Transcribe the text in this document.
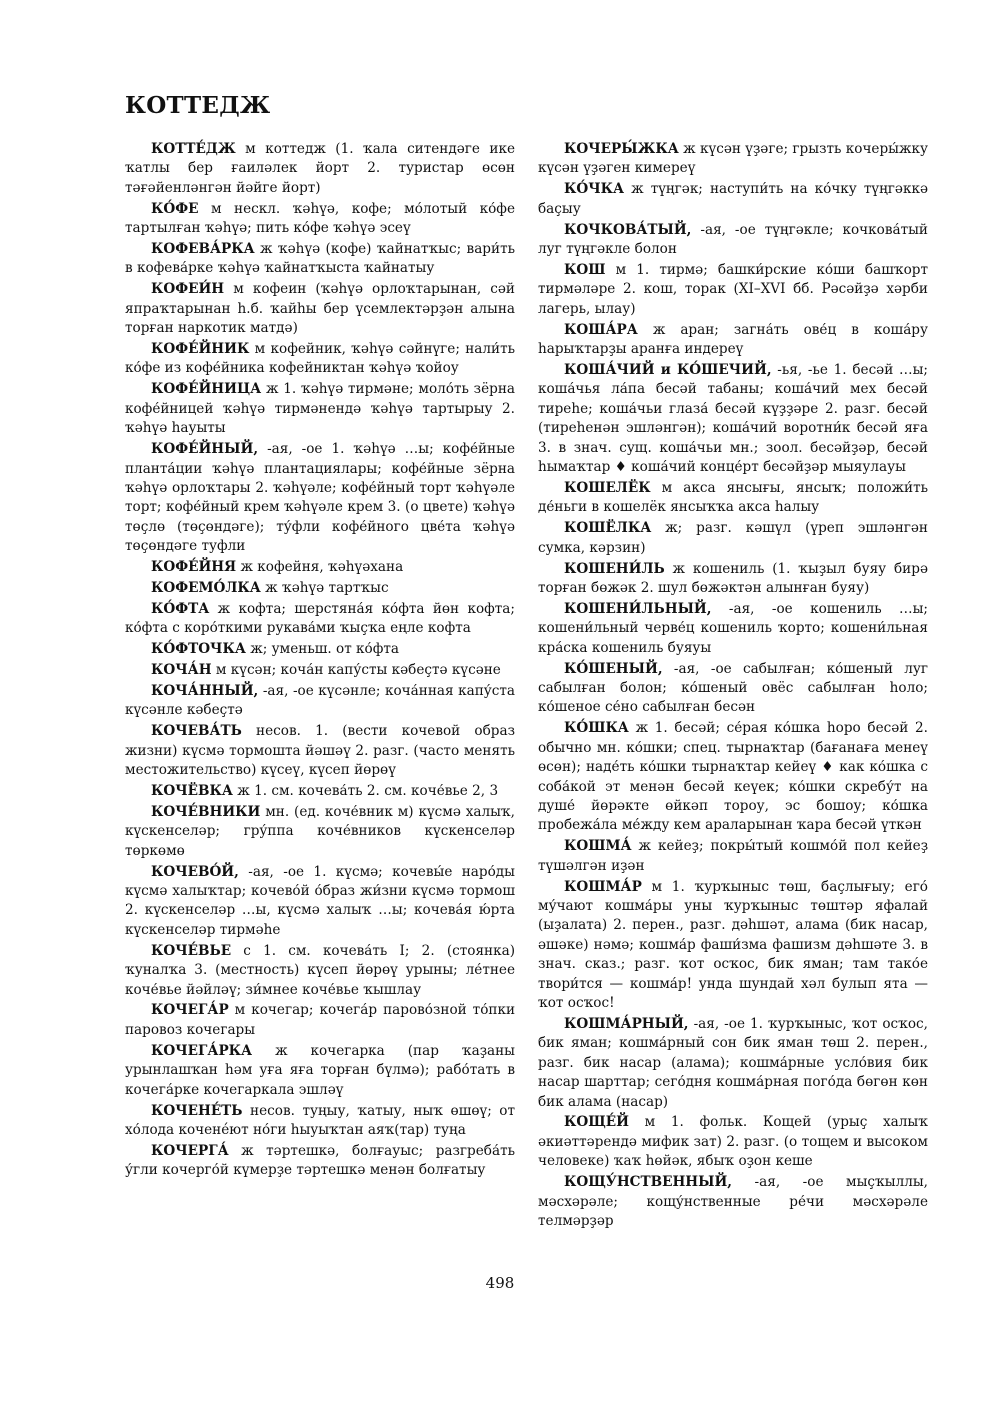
КОТТЕДЖ

КОТТЕ́ДЖ м коттедж (1. ҡала ситендәге ике ҡатлы бер ғаиләлек йорт 2. туристар өсөн тәғәйенләнгән йәйге йорт)

КО́ФЕ м нескл. ҡәһүә, кофе; мо́лотый ко́фе тартылған ҡәһүә; пить ко́фе ҡәһүә эсеү

КОФЕВА́РКА ж ҡәһүә (кофе) ҡайнатҡыс; вари́ть в кофева́рке ҡәһүә ҡайнатҡыста ҡайнатыу

КОФЕИ́Н м кофеин (ҡәһүә орлоҡтарынан, сәй япраҡтарынан һ.б. ҡайһы бер үсемлектәрҙән алына торған наркотик матдә)

КОФЕ́ЙНИК м кофейник, ҡәһүә сәйнүге; нали́ть ко́фе из кофе́йника кофейниктан ҡәһүә ҡойоу

КОФЕ́ЙНИЦА ж 1. ҡәһүә тирмәне; моло́ть зёрна кофе́йницей ҡәһүә тирмәнендә ҡәһүә тартырыу 2. ҡәһүә һауыты

КОФЕ́ЙНЫЙ, -ая, -ое 1. ҡәһүә …ы; кофе́йные планта́ции ҡәһүә плантациялары; кофе́йные зёрна ҡәһүә орлоҡтары 2. ҡәһүәле; кофе́йный торт ҡәһүәле торт; кофе́йный крем ҡәһүәле крем 3. (о цвете) ҡәһүә төҫлө (төҫөндәге); ту́фли кофе́йного цве́та ҡәһүә төҫөндәге туфли

КОФЕ́ЙНЯ ж кофейня, ҡәһүәхана

КОФЕМО́ЛКА ж ҡәһүә тартҡыс

КО́ФТА ж кофта; шерстяна́я ко́фта йөн кофта; ко́фта с коро́ткими рукава́ми ҡыҫҡа еңле кофта

КО́ФТОЧКА ж; уменьш. от ко́фта

КОЧА́Н м күсән; коча́н капу́сты кәбеҫтә күсәне

КОЧА́ННЫЙ, -ая, -ое күсәнле; коча́нная капу́ста күсәнле кәбеҫтә

КОЧЕВА́ТЬ несов. 1. (вести кочевой образ жизни) күсмә тормошта йәшәү 2. разг. (часто менять местожительство) күсеү, күсеп йөрөү

КОЧЁВКА ж 1. см. кочева́ть 2. см. коче́вье 2, 3

КОЧЕ́ВНИКИ мн. (ед. коче́вник м) күсмә халыҡ, күскенселәр; гру́ппа коче́вников күскенселәр төркөмө

КОЧЕВО́Й, -ая, -ое 1. күсмә; кочевы́е наро́ды күсмә халыҡтар; кочево́й о́браз жи́зни күсмә тормош 2. күскенселәр …ы, күсмә халыҡ …ы; кочева́я ю́рта күскенселәр тирмәһе

КОЧЕ́ВЬЕ с 1. см. кочева́ть I; 2. (стоянка) ҡуналҡа 3. (местность) күсеп йөрөү урыны; ле́тнее коче́вье йәйләү; зи́мнее коче́вье ҡышлау

КОЧЕГА́Р м кочегар; кочега́р парово́зной то́пки паровоз кочегары

КОЧЕГА́РКА ж кочегарка (пар ҡаҙаны урынлашҡан һәм уға яға торған бүлмә); рабо́тать в кочега́рке кочегаркала эшләү

КОЧЕНЕ́ТЬ несов. туңыу, ҡатыу, ныҡ өшөү; от хо́лода коченéют но́ги һыуыҡтан аяҡ(тар) туңа

КОЧЕРГА́ ж тәртешкә, болғауыс; разгреба́ть у́гли кочерго́й күмерҙе тәртешкә менән болғатыу

КОЧЕРЫ́ЖКА ж күсән үҙәге; грызть кочеры́жку күсән үҙәген кимереү

КО́ЧКА ж түңгәк; наступи́ть на ко́чку түңгәккә баҫыу

КОЧКОВА́ТЫЙ, -ая, -ое түңгәкле; кочкова́тый луг түңгәкле болон

КОШ м 1. тирмә; башки́рские ко́ши башҡорт тирмәләре 2. кош, торак (XI–XVI бб. Рәсәйҙә хәрби лагерь, ылау)

КОША́РА ж аран; загна́ть ове́ц в коша́ру һарыҡтарҙы аранға индереү

КОША́ЧИЙ и КО́ШЕЧИЙ, -ья, -ье 1. бесәй …ы; коша́чья ла́па бесәй табаны; коша́чий мех бесәй тиреһе; коша́чьи глаза́ бесәй күҙҙәре 2. разг. бесәй (тиреһенән эшләнгән); коша́чий воротни́к бесәй яға 3. в знач. сущ. коша́чьи мн.; зоол. бесәйҙәр, бесәй һымаҡтар ♦ коша́чий конце́рт бесәйҙәр мыяулауы

КОШЕЛЁК м акса янсығы, янсыҡ; положи́ть де́ньги в кошелёк янсыҡҡа акса һалыу

КОШЁЛКА ж; разг. кәшүл (үреп эшләнгән сумка, кәрзин)

КОШЕНИ́ЛЬ ж кошениль (1. ҡыҙыл буяу бирә торған бөжәк 2. шул бөжәктән алынған буяу)

КОШЕНИ́ЛЬНЫЙ, -ая, -ое кошениль …ы; кошени́льный черве́ц кошениль ҡорто; кошени́льная кра́ска кошениль буяуы

КО́ШЕНЫЙ, -ая, -ое сабылған; ко́шеный луг сабылған болон; ко́шеный овёс сабылған һоло; ко́шеное се́но сабылған бесән

КО́ШКА ж 1. бесәй; се́рая ко́шка һоро бесәй 2. обычно мн. ко́шки; спец. тырнаҡтар (бағанаға менеү өсөн); наде́ть ко́шки тырнаҡтар кейеү ♦ как ко́шка с соба́кой эт менән бесәй кеүек; ко́шки скребу́т на душе́ йөрәкте өйкәп тороу, эс бошоу; ко́шка пробежа́ла ме́жду кем араларынан ҡара бесәй үткән

КОШМА́ ж кейеҙ; покры́тый кошмо́й пол кейеҙ түшәлгән иҙән

КОШМА́Р м 1. ҡурҡыныс төш, баҫлығыу; его́ му́чают кошма́ры уны ҡурҡыныс төштәр яфалай (ыҙалата) 2. перен., разг. дәһшәт, алама (бик насар, әшәке) нәмә; кошма́р фаши́зма фашизм дәһшәте 3. в знач. сказ.; разг. ҡот осҡос, бик яман; там тако́е твори́тся — кошма́р! унда шундай хәл булып ята — ҡот осҡос!

КОШМА́РНЫЙ, -ая, -ое 1. ҡурҡыныс, ҡот осҡос, бик яман; кошма́рный сон бик яман төш 2. перен., разг. бик насар (алама); кошма́рные усло́вия бик насар шарттар; сего́дня кошма́рная пого́да бөгөн көн бик алама (насар)

КОЩЕ́Й м 1. фольк. Кощей (урыҫ халыҡ әкиәттәрендә мифик зат) 2. разг. (о тощем и высоком человеке) ҡаҡ һөйәк, ябыҡ оҙон кеше

КОЩУ́НСТВЕННЫЙ, -ая, -ое мыҫҡыллы, мәсхәрәле; кощу́нственные ре́чи мәсхәрәле телмәрҙәр

498
